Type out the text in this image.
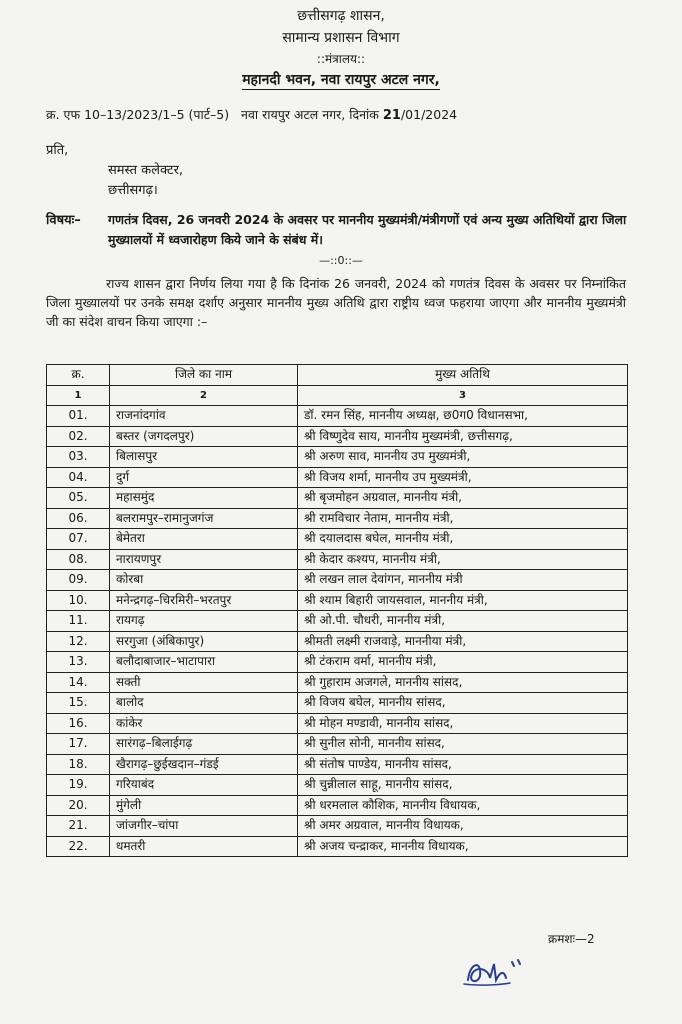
छत्तीसगढ़ शासन,
सामान्य प्रशासन विभाग
::मंत्रालय::
महानदी भवन, नवा रायपुर अटल नगर,
क्र. एफ 10–13/2023/1–5 (पार्ट–5) नवा रायपुर अटल नगर, दिनांक 21/01/2024
प्रति,
समस्त कलेक्टर,
छत्तीसगढ़।
विषयः– गणतंत्र दिवस, 26 जनवरी 2024 के अवसर पर माननीय मुख्यमंत्री/मंत्रीगणों एवं अन्य मुख्य अतिथियों द्वारा जिला मुख्यालयों में ध्वजारोहण किये जाने के संबंध में।
—::0::—
राज्य शासन द्वारा निर्णय लिया गया है कि दिनांक 26 जनवरी, 2024 को गणतंत्र दिवस के अवसर पर निम्नांकित जिला मुख्यालयों पर उनके समक्ष दर्शाए अनुसार माननीय मुख्य अतिथि द्वारा राष्ट्रीय ध्वज फहराया जाएगा और माननीय मुख्यमंत्री जी का संदेश वाचन किया जाएगा :–
क्र.	जिले का नाम	मुख्य अतिथि
1	2	3
01.	राजनांदगांव	डॉ. रमन सिंह, माननीय अध्यक्ष, छ0ग0 विधानसभा,
02.	बस्तर (जगदलपुर)	श्री विष्णुदेव साय, माननीय मुख्यमंत्री, छत्तीसगढ़,
03.	बिलासपुर	श्री अरुण साव, माननीय उप मुख्यमंत्री,
04.	दुर्ग	श्री विजय शर्मा, माननीय उप मुख्यमंत्री,
05.	महासमुंद	श्री बृजमोहन अग्रवाल, माननीय मंत्री,
06.	बलरामपुर–रामानुजगंज	श्री रामविचार नेताम, माननीय मंत्री,
07.	बेमेतरा	श्री दयालदास बघेल, माननीय मंत्री,
08.	नारायणपुर	श्री केदार कश्यप, माननीय मंत्री,
09.	कोरबा	श्री लखन लाल देवांगन, माननीय मंत्री
10.	मनेन्द्रगढ़–चिरमिरी–भरतपुर	श्री श्याम बिहारी जायसवाल, माननीय मंत्री,
11.	रायगढ़	श्री ओ.पी. चौधरी, माननीय मंत्री,
12.	सरगुजा (अंबिकापुर)	श्रीमती लक्ष्मी राजवाड़े, माननीया मंत्री,
13.	बलौदाबाजार–भाटापारा	श्री टंकराम वर्मा, माननीय मंत्री,
14.	सक्ती	श्री गुहाराम अजगले, माननीय सांसद,
15.	बालोद	श्री विजय बघेल, माननीय सांसद,
16.	कांकेर	श्री मोहन मण्डावी, माननीय सांसद,
17.	सारंगढ़–बिलाईगढ़	श्री सुनील सोनी, माननीय सांसद,
18.	खैरागढ़–छुईखदान–गंडई	श्री संतोष पाण्डेय, माननीय सांसद,
19.	गरियाबंद	श्री चुन्नीलाल साहू, माननीय सांसद,
20.	मुंगेली	श्री धरमलाल कौशिक, माननीय विधायक,
21.	जांजगीर–चांपा	श्री अमर अग्रवाल, माननीय विधायक,
22.	धमतरी	श्री अजय चन्द्राकर, माननीय विधायक,
क्रमशः—2
